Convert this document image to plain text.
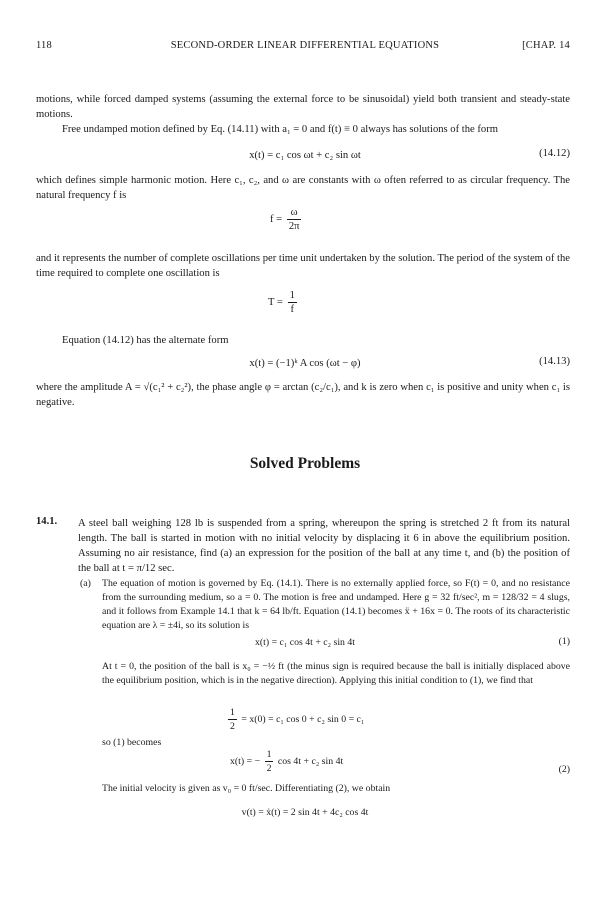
118	SECOND-ORDER LINEAR DIFFERENTIAL EQUATIONS	[CHAP. 14
motions, while forced damped systems (assuming the external force to be sinusoidal) yield both transient and steady-state motions.
Free undamped motion defined by Eq. (14.11) with a₁ = 0 and f(t) ≡ 0 always has solutions of the form
x(t) = c₁ cos ωt + c₂ sin ωt	(14.12)
which defines simple harmonic motion. Here c₁, c₂, and ω are constants with ω often referred to as circular frequency. The natural frequency f is
$f = \frac{\omega}{2\pi}$
and it represents the number of complete oscillations per time unit undertaken by the solution. The period of the system of the time required to complete one oscillation is
$T = \frac{1}{f}$
Equation (14.12) has the alternate form
x(t) = (−1)ᵏ A cos (ωt − φ)	(14.13)
where the amplitude A = √(c₁² + c₂²), the phase angle φ = arctan (c₂/c₁), and k is zero when c₁ is positive and unity when c₁ is negative.
Solved Problems
14.1. A steel ball weighing 128 lb is suspended from a spring, whereupon the spring is stretched 2 ft from its natural length. The ball is started in motion with no initial velocity by displacing it 6 in above the equilibrium position. Assuming no air resistance, find (a) an expression for the position of the ball at any time t, and (b) the position of the ball at t = π/12 sec.
(a) The equation of motion is governed by Eq. (14.1). There is no externally applied force, so F(t) = 0, and no resistance from the surrounding medium, so a = 0. The motion is free and undamped. Here g = 32 ft/sec², m = 128/32 = 4 slugs, and it follows from Example 14.1 that k = 64 lb/ft. Equation (14.1) becomes ẍ + 16x = 0. The roots of its characteristic equation are λ = ±4i, so its solution is
x(t) = c₁ cos 4t + c₂ sin 4t	(1)
At t = 0, the position of the ball is x₀ = −½ ft (the minus sign is required because the ball is initially displaced above the equilibrium position, which is in the negative direction). Applying this initial condition to (1), we find that
$\frac{1}{2} = x(0) = c_1$ cos 0 + c₂ sin 0 = c₁
so (1) becomes
x(t) = − $\frac{1}{2}$ cos 4t + c₂ sin 4t
(2)
The initial velocity is given as v₀ = 0 ft/sec. Differentiating (2), we obtain
v(t) = ẋ(t) = 2 sin 4t + 4c₂ cos 4t
